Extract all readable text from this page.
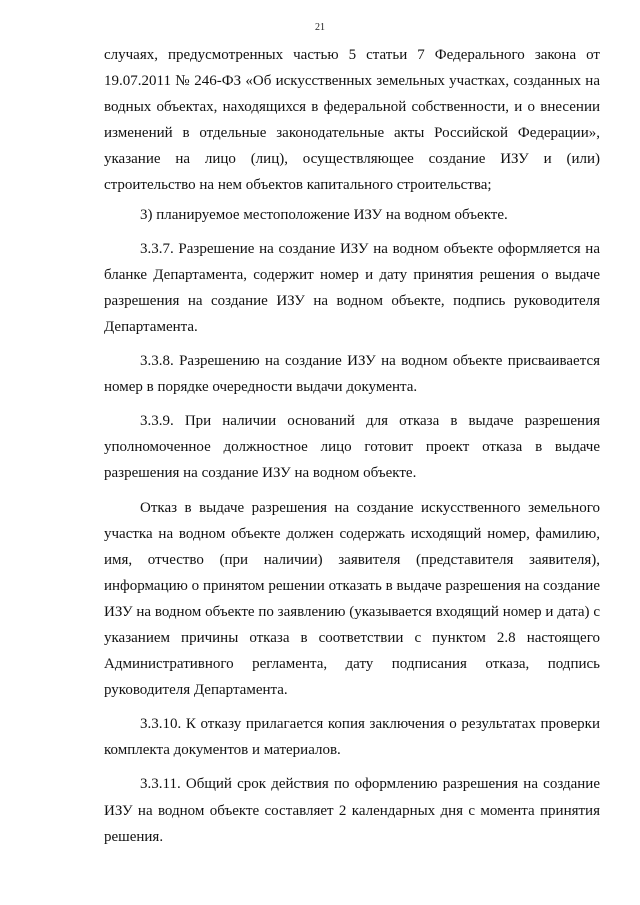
21

случаях, предусмотренных частью 5 статьи 7 Федерального закона от 19.07.2011 № 246-ФЗ «Об искусственных земельных участках, созданных на водных объектах, находящихся в федеральной собственности, и о внесении изменений в отдельные законодательные акты Российской Федерации», указание на лицо (лиц), осуществляющее создание ИЗУ и (или) строительство на нем объектов капитального строительства;

3) планируемое местоположение ИЗУ на водном объекте.

3.3.7. Разрешение на создание ИЗУ на водном объекте оформляется на бланке Департамента, содержит номер и дату принятия решения о выдаче разрешения на создание ИЗУ на водном объекте, подпись руководителя Департамента.

3.3.8. Разрешению на создание ИЗУ на водном объекте присваивается номер в порядке очередности выдачи документа.

3.3.9. При наличии оснований для отказа в выдаче разрешения уполномоченное должностное лицо готовит проект отказа в выдаче разрешения на создание ИЗУ на водном объекте.

Отказ в выдаче разрешения на создание искусственного земельного участка на водном объекте должен содержать исходящий номер, фамилию, имя, отчество (при наличии) заявителя (представителя заявителя), информацию о принятом решении отказать в выдаче разрешения на создание ИЗУ на водном объекте по заявлению (указывается входящий номер и дата) с указанием причины отказа в соответствии с пунктом 2.8 настоящего Административного регламента, дату подписания отказа, подпись руководителя Департамента.

3.3.10. К отказу прилагается копия заключения о результатах проверки комплекта документов и материалов.

3.3.11. Общий срок действия по оформлению разрешения на создание ИЗУ на водном объекте составляет 2 календарных дня с момента принятия решения.
